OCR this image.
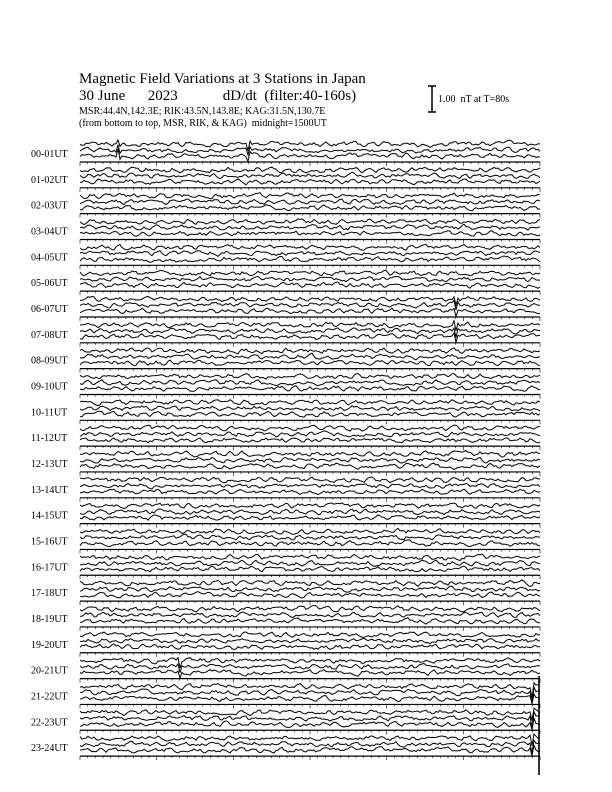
Magnetic Field Variations at 3 Stations in Japan
30 June 2023	dD/dt  (filter:40-160s)
MSR:44.4N,142.3E; RIK:43.5N,143.8E; KAG:31.5N,130.7E
(from bottom to top, MSR, RIK, & KAG)  midnight=1500UT
1.00  nT at T=80s
00-01UT
01-02UT
02-03UT
03-04UT
04-05UT
05-06UT
06-07UT
07-08UT
08-09UT
09-10UT
10-11UT
11-12UT
12-13UT
13-14UT
14-15UT
15-16UT
16-17UT
17-18UT
18-19UT
19-20UT
20-21UT
21-22UT
22-23UT
23-24UT
